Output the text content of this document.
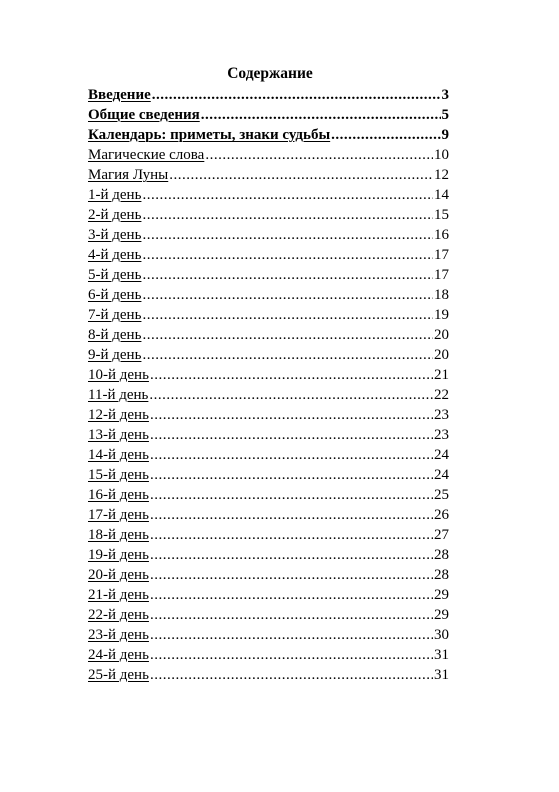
Содержание
Введение .....	3
Общие сведения .....	5
Календарь: приметы, знаки судьбы .....	9
Магические слова .....	10
Магия Луны .....	12
1-й день .....	14
2-й день .....	15
3-й день .....	16
4-й день .....	17
5-й день .....	17
6-й день .....	18
7-й день .....	19
8-й день .....	20
9-й день .....	20
10-й день .....	21
11-й день .....	22
12-й день .....	23
13-й день .....	23
14-й день .....	24
15-й день .....	24
16-й день .....	25
17-й день .....	26
18-й день .....	27
19-й день .....	28
20-й день .....	28
21-й день .....	29
22-й день .....	29
23-й день .....	30
24-й день .....	31
25-й день .....	31
